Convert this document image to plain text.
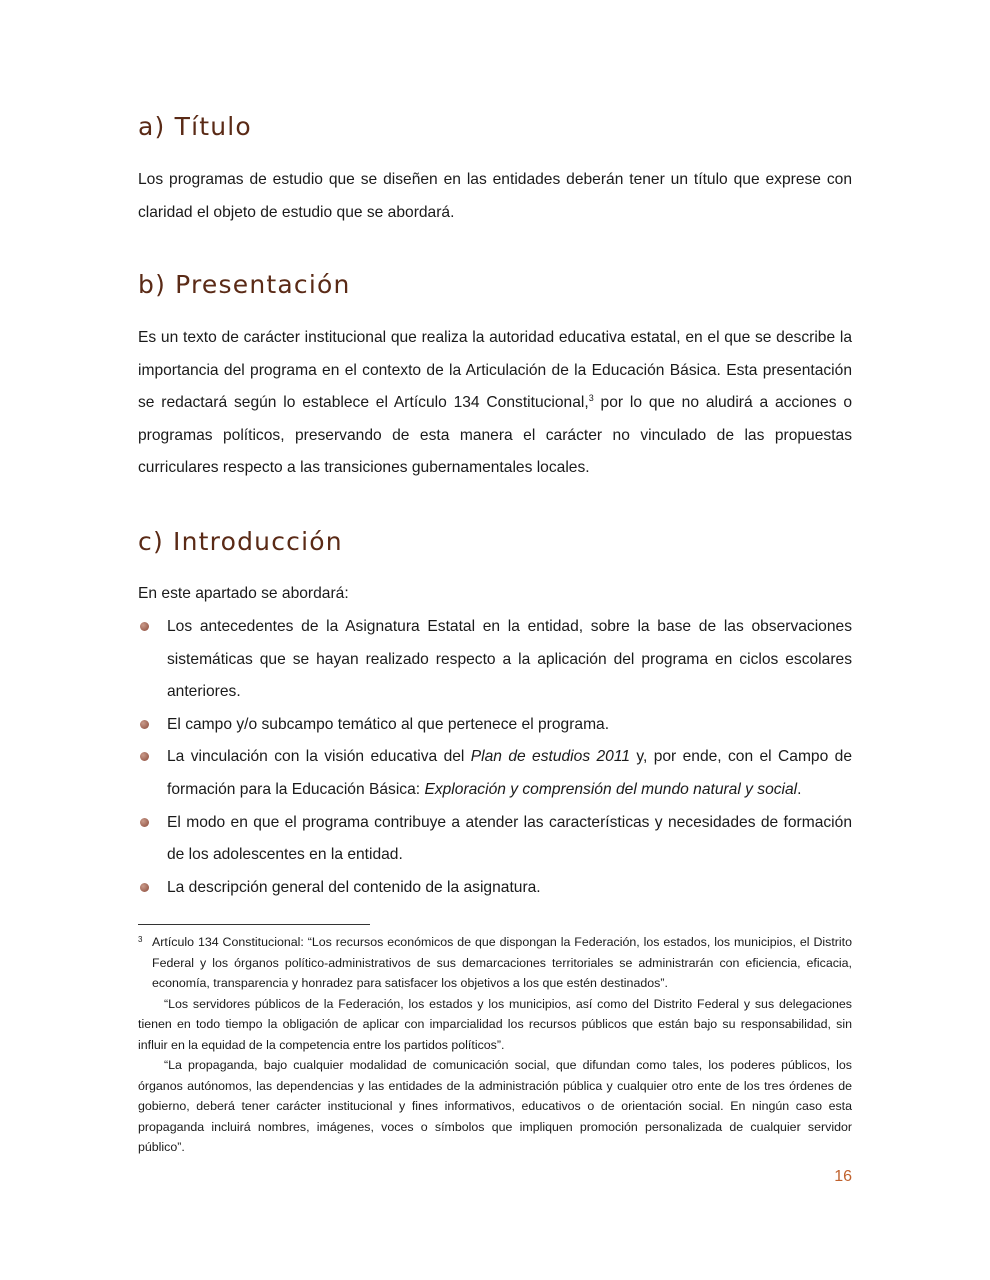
a) Título

Los programas de estudio que se diseñen en las entidades deberán tener un título que exprese con claridad el objeto de estudio que se abordará.

b) Presentación

Es un texto de carácter institucional que realiza la autoridad educativa estatal, en el que se describe la importancia del programa en el contexto de la Articulación de la Educación Básica. Esta presentación se redactará según lo establece el Artículo 134 Constitucional,$^3$ por lo que no aludirá a acciones o programas políticos, preservando de esta manera el carácter no vinculado de las propuestas curriculares respecto a las transiciones gubernamentales locales.

c) Introducción

En este apartado se abordará:

Los antecedentes de la Asignatura Estatal en la entidad, sobre la base de las observaciones sistemáticas que se hayan realizado respecto a la aplicación del programa en ciclos escolares anteriores.
El campo y/o subcampo temático al que pertenece el programa.
La vinculación con la visión educativa del Plan de estudios 2011 y, por ende, con el Campo de formación para la Educación Básica: Exploración y comprensión del mundo natural y social.
El modo en que el programa contribuye a atender las características y necesidades de formación de los adolescentes en la entidad.
La descripción general del contenido de la asignatura.

3 Artículo 134 Constitucional: “Los recursos económicos de que dispongan la Federación, los estados, los municipios, el Distrito Federal y los órganos político-administrativos de sus demarcaciones territoriales se administrarán con eficiencia, eficacia, economía, transparencia y honradez para satisfacer los objetivos a los que estén destinados”.

“Los servidores públicos de la Federación, los estados y los municipios, así como del Distrito Federal y sus delegaciones tienen en todo tiempo la obligación de aplicar con imparcialidad los recursos públicos que están bajo su responsabilidad, sin influir en la equidad de la competencia entre los partidos políticos”.

“La propaganda, bajo cualquier modalidad de comunicación social, que difundan como tales, los poderes públicos, los órganos autónomos, las dependencias y las entidades de la administración pública y cualquier otro ente de los tres órdenes de gobierno, deberá tener carácter institucional y fines informativos, educativos o de orientación social. En ningún caso esta propaganda incluirá nombres, imágenes, voces o símbolos que impliquen promoción personalizada de cualquier servidor público”.

16
